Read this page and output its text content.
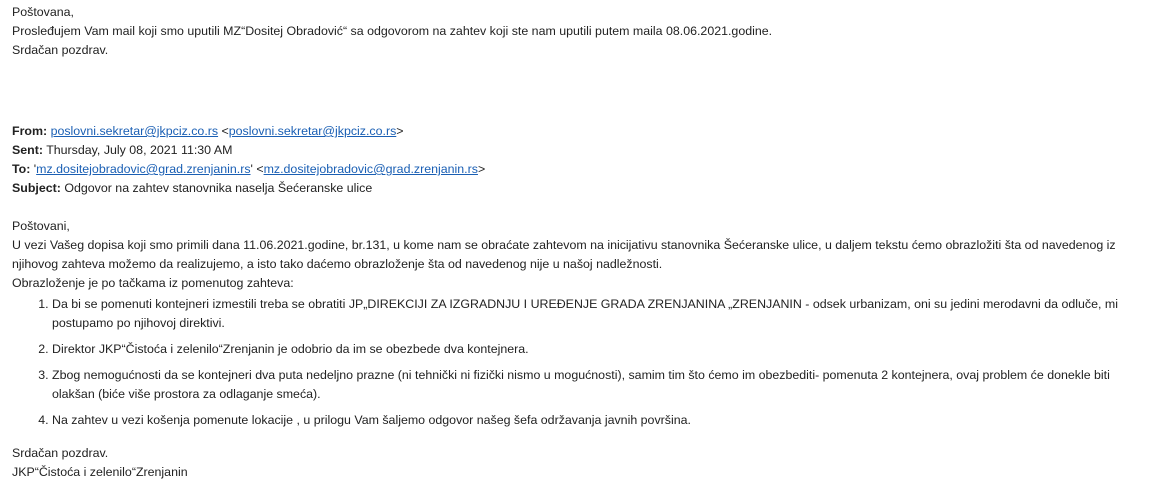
Poštovana,
Prosleđujem Vam mail koji smo uputili MZ“Dositej Obradović“ sa odgovorom na zahtev koji ste nam uputili putem maila 08.06.2021.godine.
Srdačan pozdrav.
From: poslovni.sekretar@jkpciz.co.rs <poslovni.sekretar@jkpciz.co.rs>
Sent: Thursday, July 08, 2021 11:30 AM
To: 'mz.dositejobradovic@grad.zrenjanin.rs' <mz.dositejobradovic@grad.zrenjanin.rs>
Subject: Odgovor na zahtev stanovnika naselja Šećeranske ulice
Poštovani,
U vezi Vašeg dopisa koji smo primili dana 11.06.2021.godine, br.131, u kome nam se obraćate zahtevom na inicijativu stanovnika Šećeranske ulice, u daljem tekstu ćemo obrazložiti šta od navedenog iz njihovog zahteva možemo da realizujemo, a isto tako daćemo obrazloženje šta od navedenog nije u našoj nadležnosti.
Obrazloženje je po tačkama iz pomenutog zahteva:
1. Da bi se pomenuti kontejneri izmestili treba se obratiti JP„DIREKCIJI ZA IZGRADNJU I UREĐENJE GRADA ZRENJANINA „ZRENJANIN - odsek urbanizam, oni su jedini merodavni da odluče, mi postupamo po njihovoj direktivi.
2. Direktor JKP“Čistoća i zelenilo“Zrenjanin je odobrio da im se obezbede dva kontejnera.
3. Zbog nemogućnosti da se kontejneri dva puta nedeljno prazne (ni tehnički ni fizički nismo u mogućnosti), samim tim što ćemo im obezbediti- pomenuta 2 kontejnera, ovaj problem će donekle biti olakšan (biće više prostora za odlaganje smeća).
4. Na zahtev u vezi košenja pomenute lokacije , u prilogu Vam šaljemo odgovor našeg šefa održavanja javnih površina.
Srdačan pozdrav.
JKP“Čistoća i zelenilo“Zrenjanin
